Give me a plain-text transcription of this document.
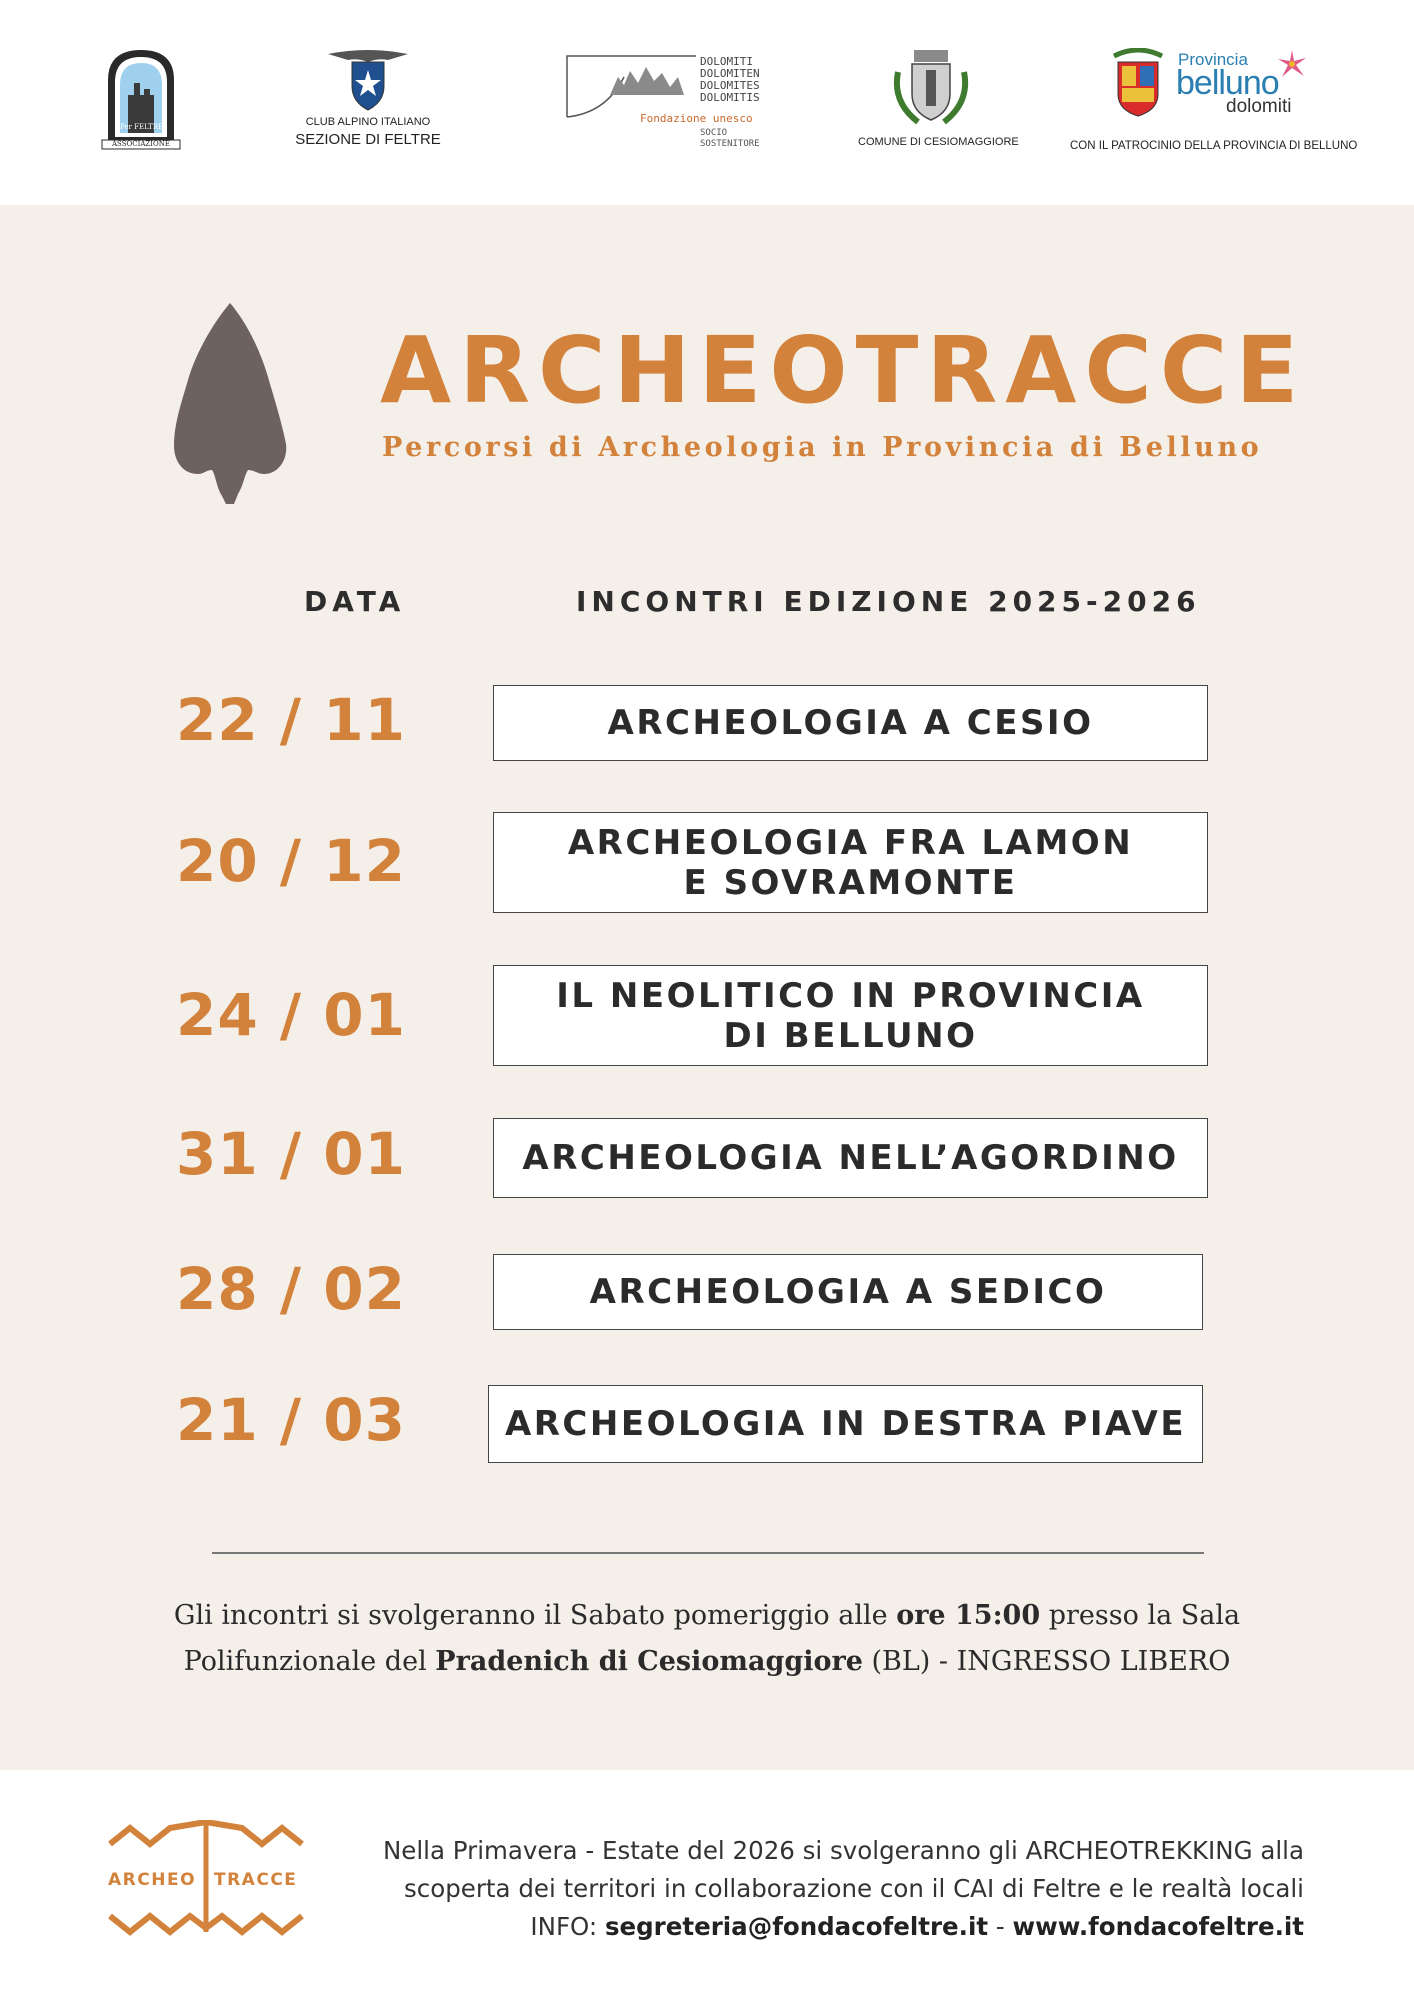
Per FELTRE
ASSOCIAZIONE
CLUB ALPINO ITALIANO
SEZIONE DI FELTRE
DOLOMITI
DOLOMITEN
DOLOMITES
DOLOMITIS
Fondazione unesco
SOCIO
SOSTENITORE	COMUNE DI CESIOMAGGIORE
Provincia
belluno
dolomiti
CON IL PATROCINIO DELLA PROVINCIA DI BELLUNO
ARCHEOTRACCE
Percorsi di Archeologia in Provincia di Belluno
DATA	INCONTRI EDIZIONE 2025-2026
22 / 11	ARCHEOLOGIA A CESIO
20 / 12	ARCHEOLOGIA FRA LAMON
E SOVRAMONTE
24 / 01	IL NEOLITICO IN PROVINCIA
DI BELLUNO
31 / 01	ARCHEOLOGIA NELL’AGORDINO
28 / 02	ARCHEOLOGIA A SEDICO
21 / 03	ARCHEOLOGIA IN DESTRA PIAVE
Gli incontri si svolgeranno il Sabato pomeriggio alle ore 15:00 presso la Sala
Polifunzionale del Pradenich di Cesiomaggiore (BL) - INGRESSO LIBERO
ARCHEO TRACCE
Nella Primavera - Estate del 2026 si svolgeranno gli ARCHEOTREKKING alla
scoperta dei territori in collaborazione con il CAI di Feltre e le realtà locali
INFO: segreteria@fondacofeltre.it - www.fondacofeltre.it
